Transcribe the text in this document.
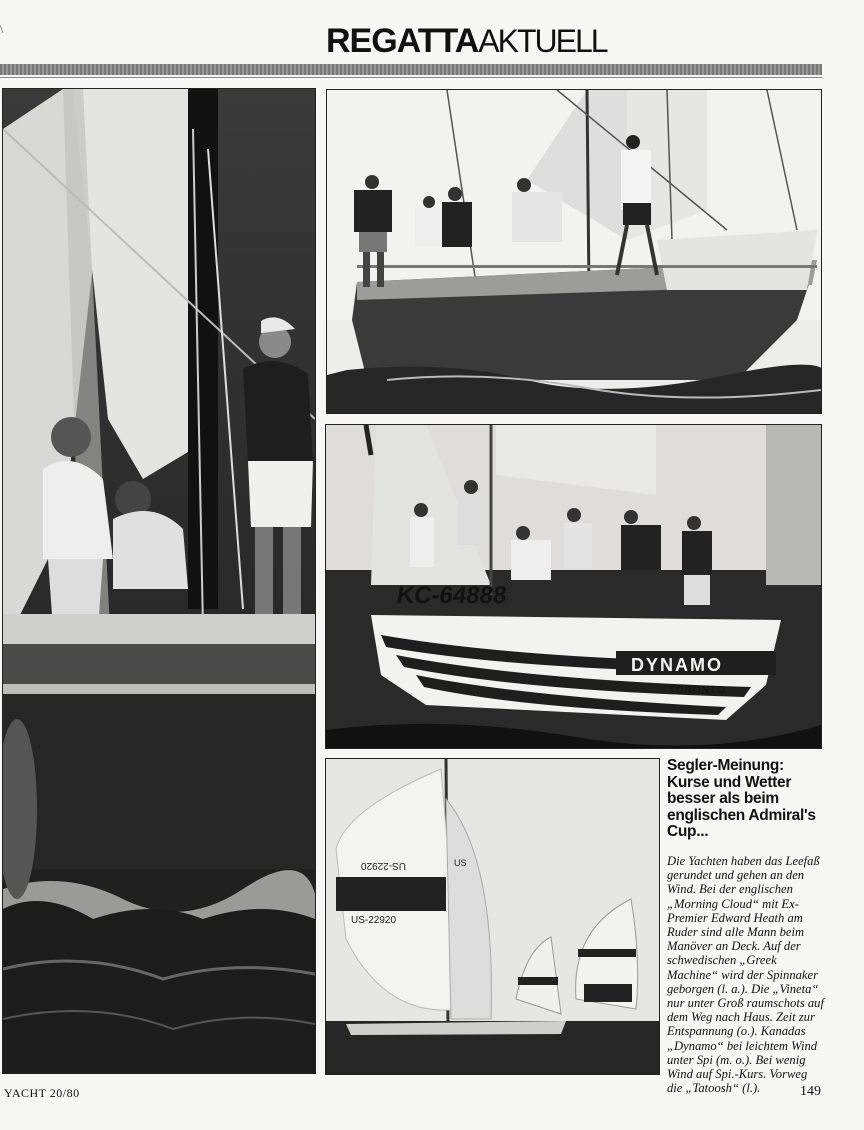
\	REGATTAAKTUELL
KC-64888
DYNAMO
TORONTO
US-22920
US-22920
US
Segler-Meinung: Kurse und Wetter besser als beim englischen Admiral's Cup...
Die Yachten haben das Leefaß gerundet und gehen an den Wind. Bei der englischen „Morning Cloud“ mit Ex-Premier Edward Heath am Ruder sind alle Mann beim Manöver an Deck. Auf der schwedischen „Greek Machine“ wird der Spinnaker geborgen (l. a.). Die „Vineta“ nur unter Groß raumschots auf dem Weg nach Haus. Zeit zur Entspannung (o.). Kanadas „Dynamo“ bei leichtem Wind unter Spi (m. o.). Bei wenig Wind auf Spi.-Kurs. Vorweg die „Tatoosh“ (l.).
YACHT 20/80	149
